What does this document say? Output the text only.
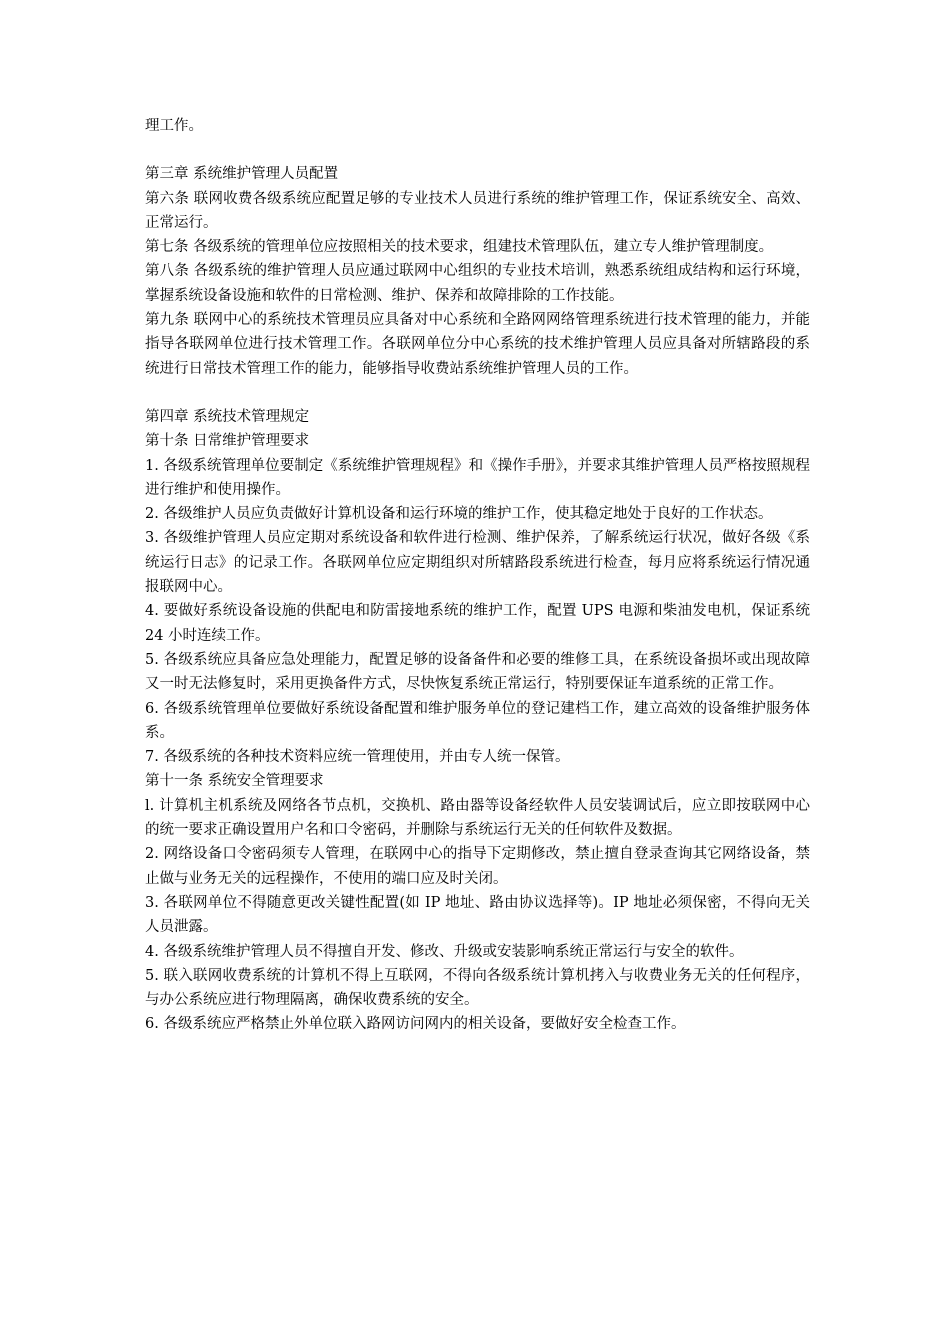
理工作。

第三章 系统维护管理人员配置

第六条 联网收费各级系统应配置足够的专业技术人员进行系统的维护管理工作，保证系统安全、高效、正常运行。

第七条 各级系统的管理单位应按照相关的技术要求，组建技术管理队伍，建立专人维护管理制度。

第八条 各级系统的维护管理人员应通过联网中心组织的专业技术培训，熟悉系统组成结构和运行环境，掌握系统设备设施和软件的日常检测、维护、保养和故障排除的工作技能。

第九条 联网中心的系统技术管理员应具备对中心系统和全路网网络管理系统进行技术管理的能力，并能指导各联网单位进行技术管理工作。各联网单位分中心系统的技术维护管理人员应具备对所辖路段的系统进行日常技术管理工作的能力，能够指导收费站系统维护管理人员的工作。

第四章 系统技术管理规定

第十条 日常维护管理要求

1. 各级系统管理单位要制定《系统维护管理规程》和《操作手册》，并要求其维护管理人员严格按照规程进行维护和使用操作。

2. 各级维护人员应负责做好计算机设备和运行环境的维护工作，使其稳定地处于良好的工作状态。

3. 各级维护管理人员应定期对系统设备和软件进行检测、维护保养，了解系统运行状况，做好各级《系统运行日志》的记录工作。各联网单位应定期组织对所辖路段系统进行检查，每月应将系统运行情况通报联网中心。

4. 要做好系统设备设施的供配电和防雷接地系统的维护工作，配置 UPS 电源和柴油发电机，保证系统 24 小时连续工作。

5. 各级系统应具备应急处理能力，配置足够的设备备件和必要的维修工具，在系统设备损坏或出现故障又一时无法修复时，采用更换备件方式，尽快恢复系统正常运行，特别要保证车道系统的正常工作。

6. 各级系统管理单位要做好系统设备配置和维护服务单位的登记建档工作，建立高效的设备维护服务体系。

7. 各级系统的各种技术资料应统一管理使用，并由专人统一保管。

第十一条 系统安全管理要求

l. 计算机主机系统及网络各节点机，交换机、路由器等设备经软件人员安装调试后，应立即按联网中心的统一要求正确设置用户名和口令密码，并删除与系统运行无关的任何软件及数据。

2. 网络设备口令密码须专人管理，在联网中心的指导下定期修改，禁止擅自登录查询其它网络设备，禁止做与业务无关的远程操作，不使用的端口应及时关闭。

3. 各联网单位不得随意更改关键性配置(如 IP 地址、路由协议选择等)。IP 地址必须保密，不得向无关人员泄露。

4. 各级系统维护管理人员不得擅自开发、修改、升级或安装影响系统正常运行与安全的软件。

5. 联入联网收费系统的计算机不得上互联网，不得向各级系统计算机拷入与收费业务无关的任何程序，与办公系统应进行物理隔离，确保收费系统的安全。

6. 各级系统应严格禁止外单位联入路网访问网内的相关设备，要做好安全检查工作。
